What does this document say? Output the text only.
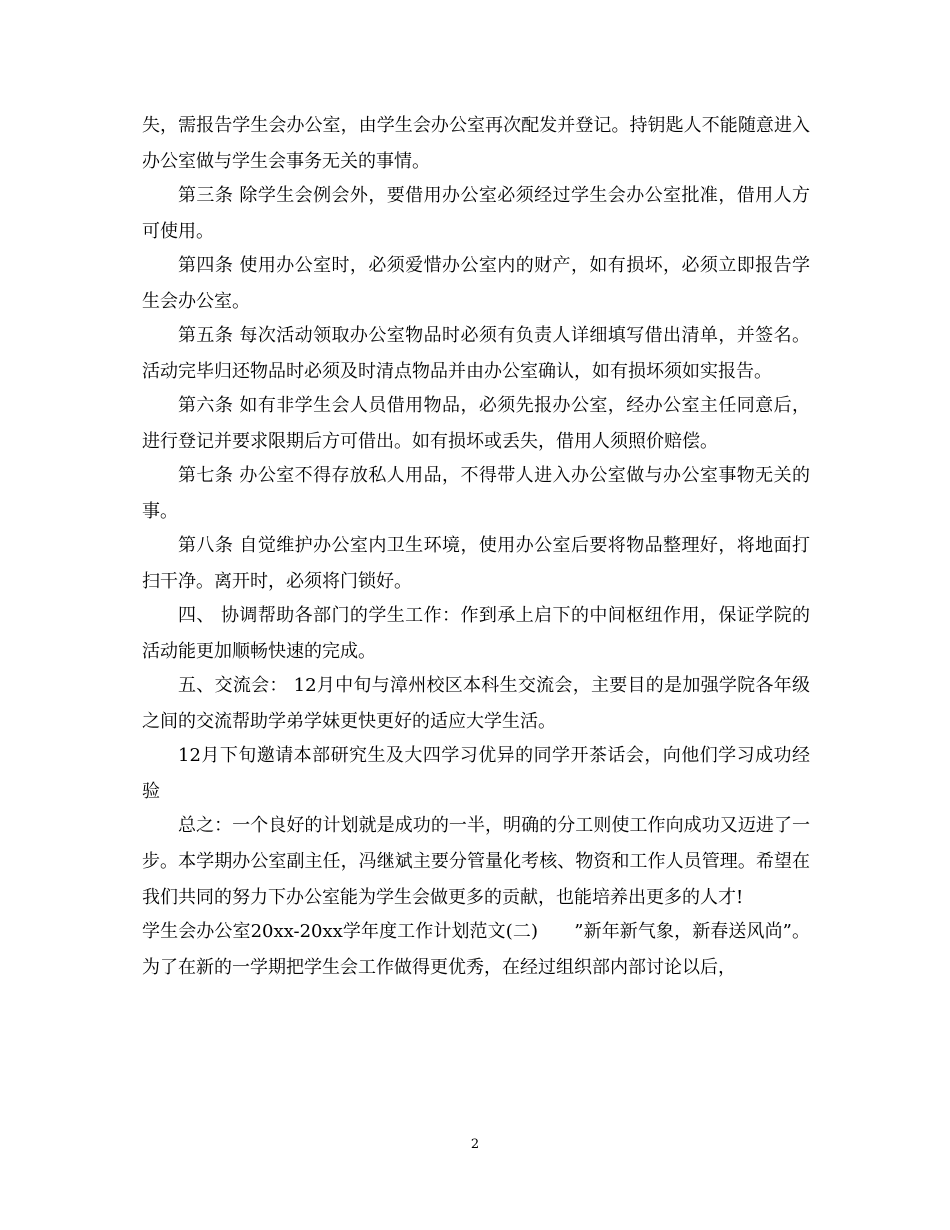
失，需报告学生会办公室，由学生会办公室再次配发并登记。持钥匙人不能随意进入办公室做与学生会事务无关的事情。

第三条 除学生会例会外，要借用办公室必须经过学生会办公室批准，借用人方可使用。

第四条 使用办公室时，必须爱惜办公室内的财产，如有损坏，必须立即报告学生会办公室。

第五条 每次活动领取办公室物品时必须有负责人详细填写借出清单，并签名。活动完毕归还物品时必须及时清点物品并由办公室确认，如有损坏须如实报告。

第六条 如有非学生会人员借用物品，必须先报办公室，经办公室主任同意后，进行登记并要求限期后方可借出。如有损坏或丢失，借用人须照价赔偿。

第七条 办公室不得存放私人用品，不得带人进入办公室做与办公室事物无关的事。

第八条 自觉维护办公室内卫生环境，使用办公室后要将物品整理好，将地面打扫干净。离开时，必须将门锁好。

四、 协调帮助各部门的学生工作：作到承上启下的中间枢纽作用，保证学院的活动能更加顺畅快速的完成。

五、交流会： 12月中旬与漳州校区本科生交流会，主要目的是加强学院各年级之间的交流帮助学弟学妹更快更好的适应大学生活。

12月下旬邀请本部研究生及大四学习优异的同学开茶话会，向他们学习成功经验

总之：一个良好的计划就是成功的一半，明确的分工则使工作向成功又迈进了一步。本学期办公室副主任，冯继斌主要分管量化考核、物资和工作人员管理。希望在我们共同的努力下办公室能为学生会做更多的贡献，也能培养出更多的人才!

学生会办公室20xx-20xx学年度工作计划范文(二)　　”新年新气象，新春送风尚”。为了在新的一学期把学生会工作做得更优秀，在经过组织部内部讨论以后，

2
